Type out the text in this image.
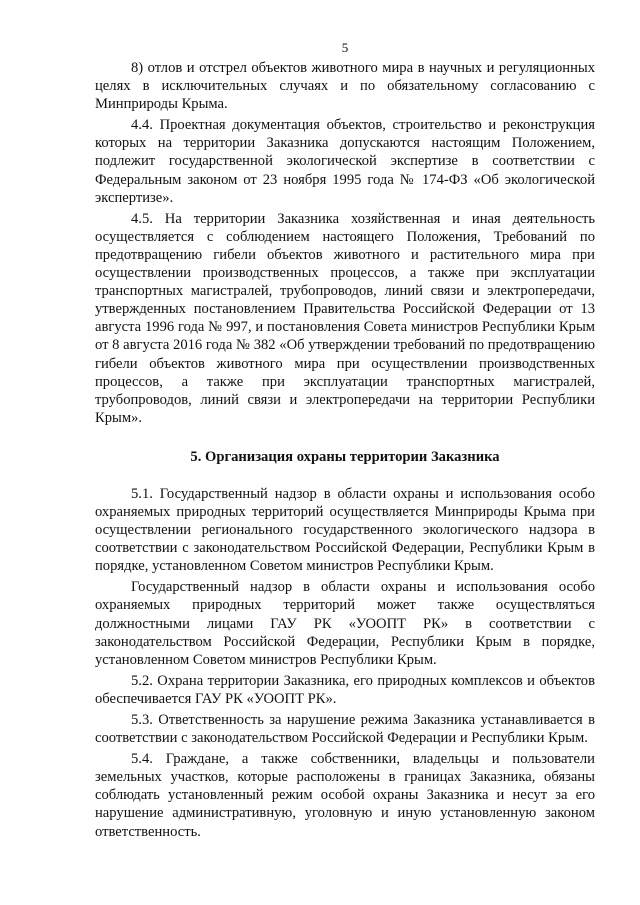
5

8) отлов и отстрел объектов животного мира в научных и регуляционных целях в исключительных случаях и по обязательному согласованию с Минприроды Крыма.

4.4. Проектная документация объектов, строительство и реконструкция которых на территории Заказника допускаются настоящим Положением, подлежит государственной экологической экспертизе в соответствии с Федеральным законом от 23 ноября 1995 года № 174-ФЗ «Об экологической экспертизе».

4.5. На территории Заказника хозяйственная и иная деятельность осуществляется с соблюдением настоящего Положения, Требований по предотвращению гибели объектов животного и растительного мира при осуществлении производственных процессов, а также при эксплуатации транспортных магистралей, трубопроводов, линий связи и электропередачи, утвержденных постановлением Правительства Российской Федерации от 13 августа 1996 года № 997, и постановления Совета министров Республики Крым от 8 августа 2016 года № 382 «Об утверждении требований по предотвращению гибели объектов животного мира при осуществлении производственных процессов, а также при эксплуатации транспортных магистралей, трубопроводов, линий связи и электропередачи на территории Республики Крым».

5. Организация охраны территории Заказника

5.1. Государственный надзор в области охраны и использования особо охраняемых природных территорий осуществляется Минприроды Крыма при осуществлении регионального государственного экологического надзора в соответствии с законодательством Российской Федерации, Республики Крым в порядке, установленном Советом министров Республики Крым.

Государственный надзор в области охраны и использования особо охраняемых природных территорий может также осуществляться должностными лицами ГАУ РК «УООПТ РК» в соответствии с законодательством Российской Федерации, Республики Крым в порядке, установленном Советом министров Республики Крым.

5.2. Охрана территории Заказника, его природных комплексов и объектов обеспечивается ГАУ РК «УООПТ РК».

5.3. Ответственность за нарушение режима Заказника устанавливается в соответствии с законодательством Российской Федерации и Республики Крым.

5.4. Граждане, а также собственники, владельцы и пользователи земельных участков, которые расположены в границах Заказника, обязаны соблюдать установленный режим особой охраны Заказника и несут за его нарушение административную, уголовную и иную установленную законом ответственность.
